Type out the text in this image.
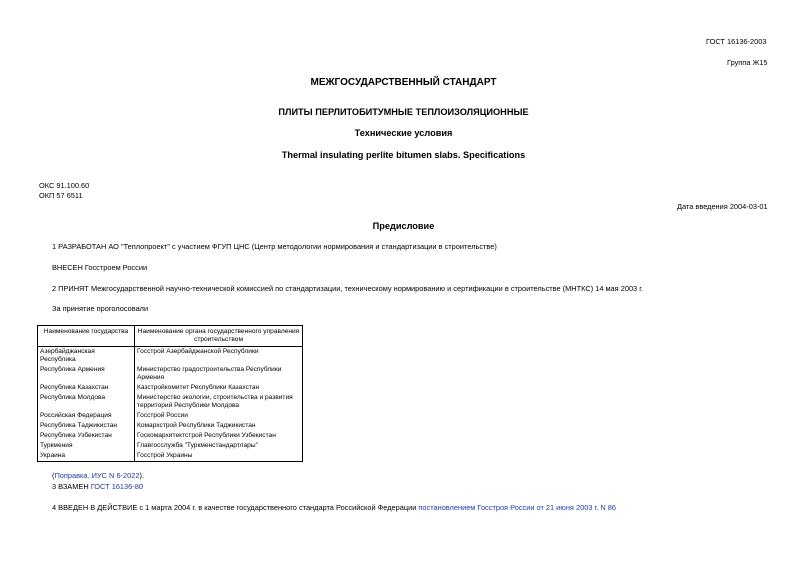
ГОСТ 16136-2003
Группа Ж15
МЕЖГОСУДАРСТВЕННЫЙ СТАНДАРТ
ПЛИТЫ ПЕРЛИТОБИТУМНЫЕ ТЕПЛОИЗОЛЯЦИОННЫЕ
Технические условия
Thermal insulating perlite bitumen slabs. Specifications
ОКС 91.100.60
ОКП 57 6511
Дата введения 2004-03-01
Предисловие
1 РАЗРАБОТАН АО "Теплопроект" с участием ФГУП ЦНС (Центр методологии нормирования и стандартизации в строительстве)
ВНЕСЕН Госстроем России
2 ПРИНЯТ Межгосударственной научно-технической комиссией по стандартизации, техническому нормированию и сертификации в строительстве (МНТКС) 14 мая 2003 г.
За принятие проголосовали
Наименование государства	Наименование органа государственного управления строительством
Азербайджанская Республика	Госстрой Азербайджанской Республики
Республика Армения	Министерство градостроительства Республики Армения
Республика Казахстан	Казстройкомитет Республики Казахстан
Республика Молдова	Министерство экологии, строительства и развития территорий Республики Молдова
Российская Федерация	Госстрой России
Республика Таджикистан	Комархстрой Республики Таджикистан
Республика Узбекистан	Госкомархитектстрой Республики Узбекистан
Туркмения	Главгосслужба "Туркменстандартлары"
Украина	Госстрой Украины
(Поправка. ИУС N 6-2022).
3 ВЗАМЕН ГОСТ 16136-80
4 ВВЕДЕН В ДЕЙСТВИЕ с 1 марта 2004 г. в качестве государственного стандарта Российской Федерации постановлением Госстроя России от 21 июня 2003 г. N 86
